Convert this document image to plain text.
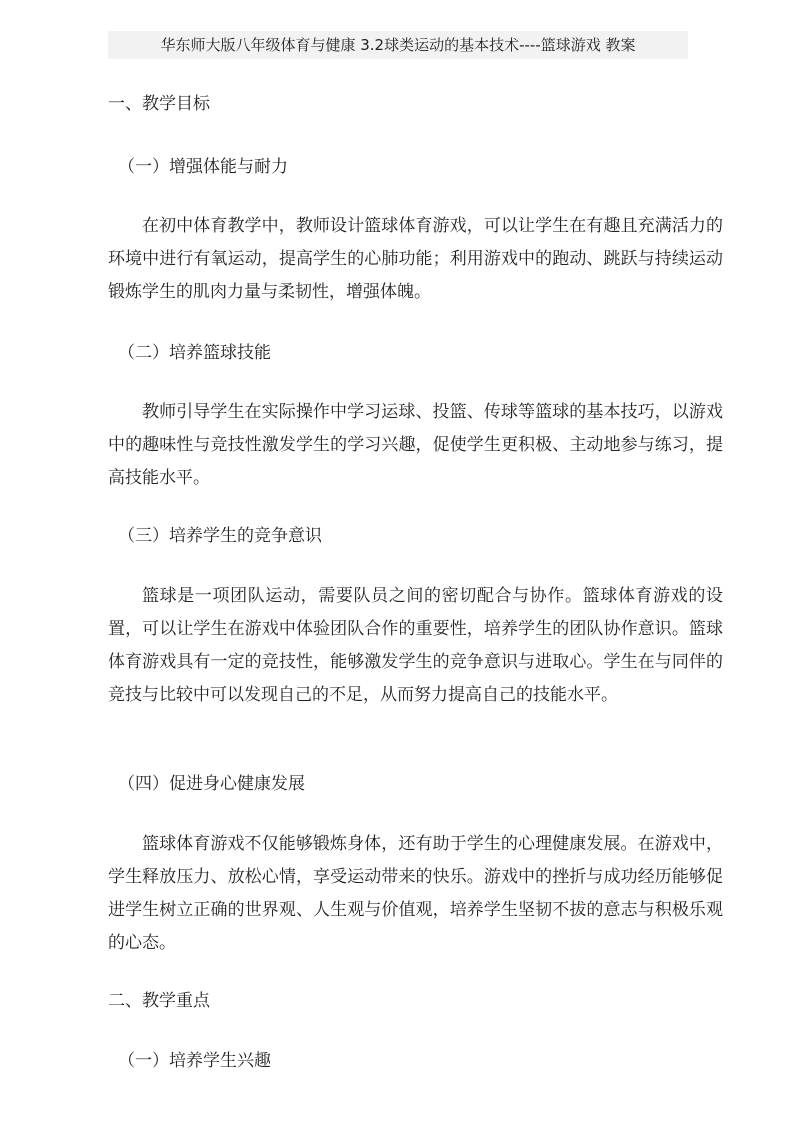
华东师大版八年级体育与健康 3.2球类运动的基本技术----篮球游戏 教案
一、教学目标
（一）增强体能与耐力

在初中体育教学中，教师设计篮球体育游戏，可以让学生在有趣且充满活力的环境中进行有氧运动，提高学生的心肺功能；利用游戏中的跑动、跳跃与持续运动锻炼学生的肌肉力量与柔韧性，增强体魄。

（二）培养篮球技能

教师引导学生在实际操作中学习运球、投篮、传球等篮球的基本技巧，以游戏中的趣味性与竞技性激发学生的学习兴趣，促使学生更积极、主动地参与练习，提高技能水平。

（三）培养学生的竞争意识

篮球是一项团队运动，需要队员之间的密切配合与协作。篮球体育游戏的设置，可以让学生在游戏中体验团队合作的重要性，培养学生的团队协作意识。篮球体育游戏具有一定的竞技性，能够激发学生的竞争意识与进取心。学生在与同伴的竞技与比较中可以发现自己的不足，从而努力提高自己的技能水平。

（四）促进身心健康发展

篮球体育游戏不仅能够锻炼身体，还有助于学生的心理健康发展。在游戏中，学生释放压力、放松心情，享受运动带来的快乐。游戏中的挫折与成功经历能够促进学生树立正确的世界观、人生观与价值观，培养学生坚韧不拔的意志与积极乐观的心态。

二、教学重点
（一）培养学生兴趣
